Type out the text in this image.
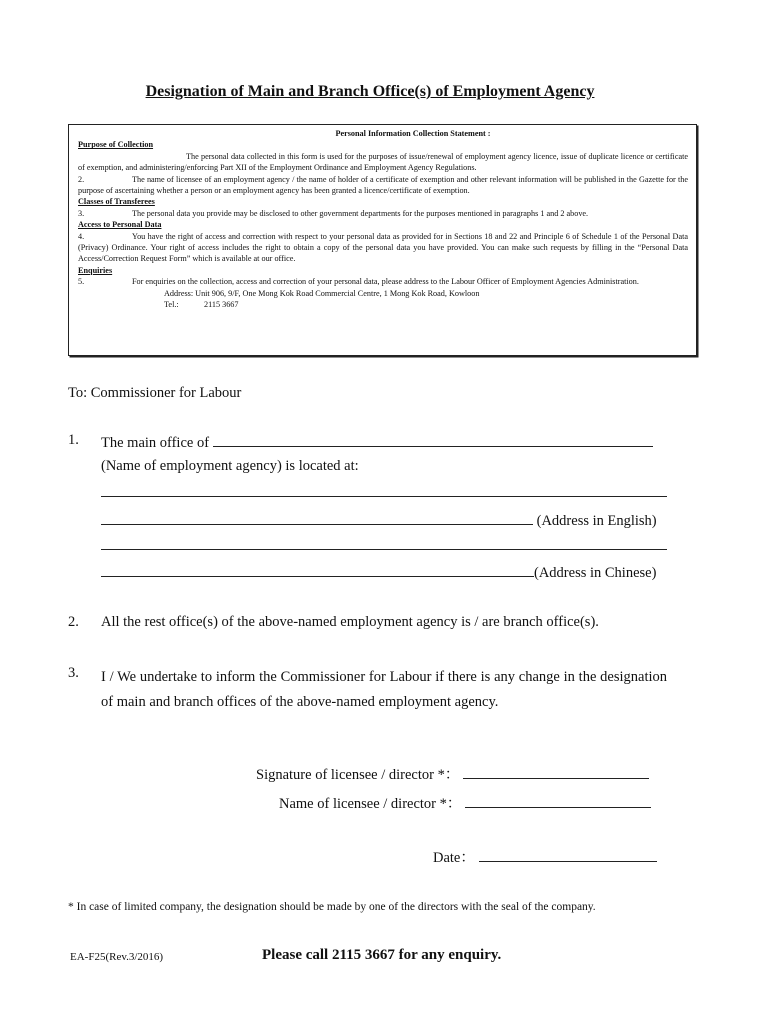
Designation of Main and Branch Office(s) of Employment Agency
Personal Information Collection Statement :
Purpose of Collection
The personal data collected in this form is used for the purposes of issue/renewal of employment agency licence, issue of duplicate licence or certificate of exemption, and administering/enforcing Part XII of the Employment Ordinance and Employment Agency Regulations.
2.	The name of licensee of an employment agency / the name of holder of a certificate of exemption and other relevant information will be published in the Gazette for the purpose of ascertaining whether a person or an employment agency has been granted a licence/certificate of exemption.
Classes of Transferees
3.	The personal data you provide may be disclosed to other government departments for the purposes mentioned in paragraphs 1 and 2 above.
Access to Personal Data
4.	You have the right of access and correction with respect to your personal data as provided for in Sections 18 and 22 and Principle 6 of Schedule 1 of the Personal Data (Privacy) Ordinance. Your right of access includes the right to obtain a copy of the personal data you have provided. You can make such requests by filling in the “Personal Data Access/Correction Request Form” which is available at our office.
Enquiries
5.	For enquiries on the collection, access and correction of your personal data, please address to the Labour Officer of Employment Agencies Administration.
Address: Unit 906, 9/F, One Mong Kok Road Commercial Centre, 1 Mong Kok Road, Kowloon
Tel.:	2115 3667
To: Commissioner for Labour
1. The main office of
(Name of employment agency) is located at:
(Address in English)
(Address in Chinese)
2. All the rest office(s) of the above-named employment agency is / are branch office(s).
3. I / We undertake to inform the Commissioner for Labour if there is any change in the designation of main and branch offices of the above-named employment agency.
Signature of licensee / director *：
Name of licensee / director *：
Date：
* In case of limited company, the designation should be made by one of the directors with the seal of the company.
EA-F25(Rev.3/2016)	Please call 2115 3667 for any enquiry.
